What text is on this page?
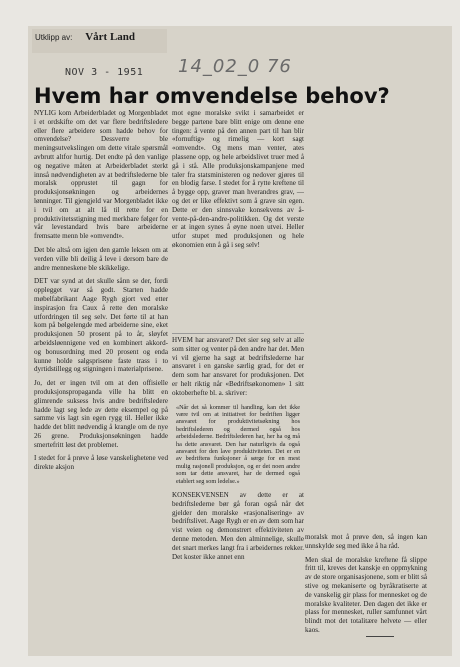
Utklipp av: Vårt Land
NOV 3 - 1951 14_02_0 76
Hvem har omvendelse behov?

NYLIG kom Arbeiderbladet og Morgenbladet i et ordskifte om det var flere bedriftsledere eller flere arbeidere som hadde behov for omvendelse? Dessverre ble meningsutvekslingen om dette vitale spørsmål avbrutt altfor hurtig. Det endte på den vanlige og negative måten at Arbeiderbladet sterkt innså nødvendigheten av at bedriftslederne ble moralsk opprustet til gagn for produksjonsøkningen og arbeidernes lønninger. Til gjengjeld var Morgenbladet ikke i tvil om at alt lå til rette for en produktivitetsstigning med merkbare følger for vår levestandard hvis bare arbeiderne fremsatte menn ble «omvendt».

Det ble altså om igjen den gamle leksen om at verden ville bli deilig å leve i dersom bare de andre menneskene ble skikkelige.

DET var synd at det skulle sånn se der, fordi opplegget var så godt. Starten hadde møbelfabrikant Aage Rygh gjort ved etter inspirasjon fra Caux å rette den moralske utfordringen til seg selv. Det førte til at han kom på bølgelengde med arbeiderne sine, eket produksjonen 50 prosent på to år, sløyfet arbeidsløennigene ved en kombinert akkord- og bonusordning med 20 prosent og enda kunne holde salgsprisene faste trass i to dyrtidstillegg og stigningen i materialprisene.

Jo, det er ingen tvil om at den offisielle produksjonspropaganda ville ha blitt en glimrende suksess hvis andre bedriftsledere hadde lagt seg lede av dette eksempel og på samme vis lagt sin egen rygg til. Heller ikke hadde det blitt nødvendig å krangle om de nye 26 grene. Produksjonsøkningen hadde smertefritt løst det problemet.

I stedet for å prøve å løse vanskelighetene ved direkte aksjon

mot egne moralske svikt i samarbeidet er begge partene bare blitt enige om denne ene tingen: å vente på den annen part til han blir «fornuftig» og rimelig — kort sagt «omvendt». Og mens man venter, ates plassene opp, og hele arbeidslivet truer med å gå i stå. Alle produksjonskampanjene med taler fra statsministeren og nedover gjøres til en blodig farse. I stedet for å rytte kreftene til å bygge opp, graver man hverandres grav, — og det er like effektivt som å grave sin egen. Dette er den sinnsvake konsekvens av å-vente-på-den-andre-politikken. Og det verste er at ingen synes å øyne noen utvei. Heller utfor stupet med produksjonen og hele økonomien enn å gå i seg selv!

HVEM har ansvaret? Det sier seg selv at alle som sitter og venter på den andre har det. Men vi vil gjerne ha sagt at bedriftslederne har ansvaret i en ganske særlig grad, for det er dem som har ansvaret for produksjonen. Det er helt riktig når «Bedriftsøkonomen» 1 sitt oktoberhefte bl. a. skriver:

«Når det så kommer til handling, kan det ikke være tvil om at initiativet for bedriften ligger ansvaret for produktivitetsøkning hos bedriftslederen og dermed også hos arbeidslederne. Bedriftslederen har, her ha og må ha dette ansvaret. Den har naturligvis da også ansvaret for den lave produktiviteten. Det er en av bedriftens funksjoner å sørge for en mest mulig rasjonell produksjon, og er det noen andre som tar dette ansvaret, har de dermed også etablert seg som ledelse.»

KONSEKVENSEN av dette er at bedriftslederne bør gå foran også når det gjelder den moralske «rasjonalisering» av bedriftslivet. Aage Rygh er en av dem som har vist veien og demonstrert effektiviteten av denne metoden. Men den alminnelige, skulle det snart merkes langt fra i arbeidernes rekker. Det koster ikke annet enn

moralsk mot å prøve den, så ingen kan unnskylde seg med ikke å ha råd.

Men skal de moralske kreftene få slippe fritt til, kreves det kanskje en oppmykning av de store organisasjonene, som er blitt så stive og mekaniserte og byråkratiserte at de vanskelig gir plass for mennesket og de moralske kvaliteter. Den dagen det ikke er plass for mennesket, ruller samfunnet vårt blindt mot det totalitære helvete — eller kaos.
